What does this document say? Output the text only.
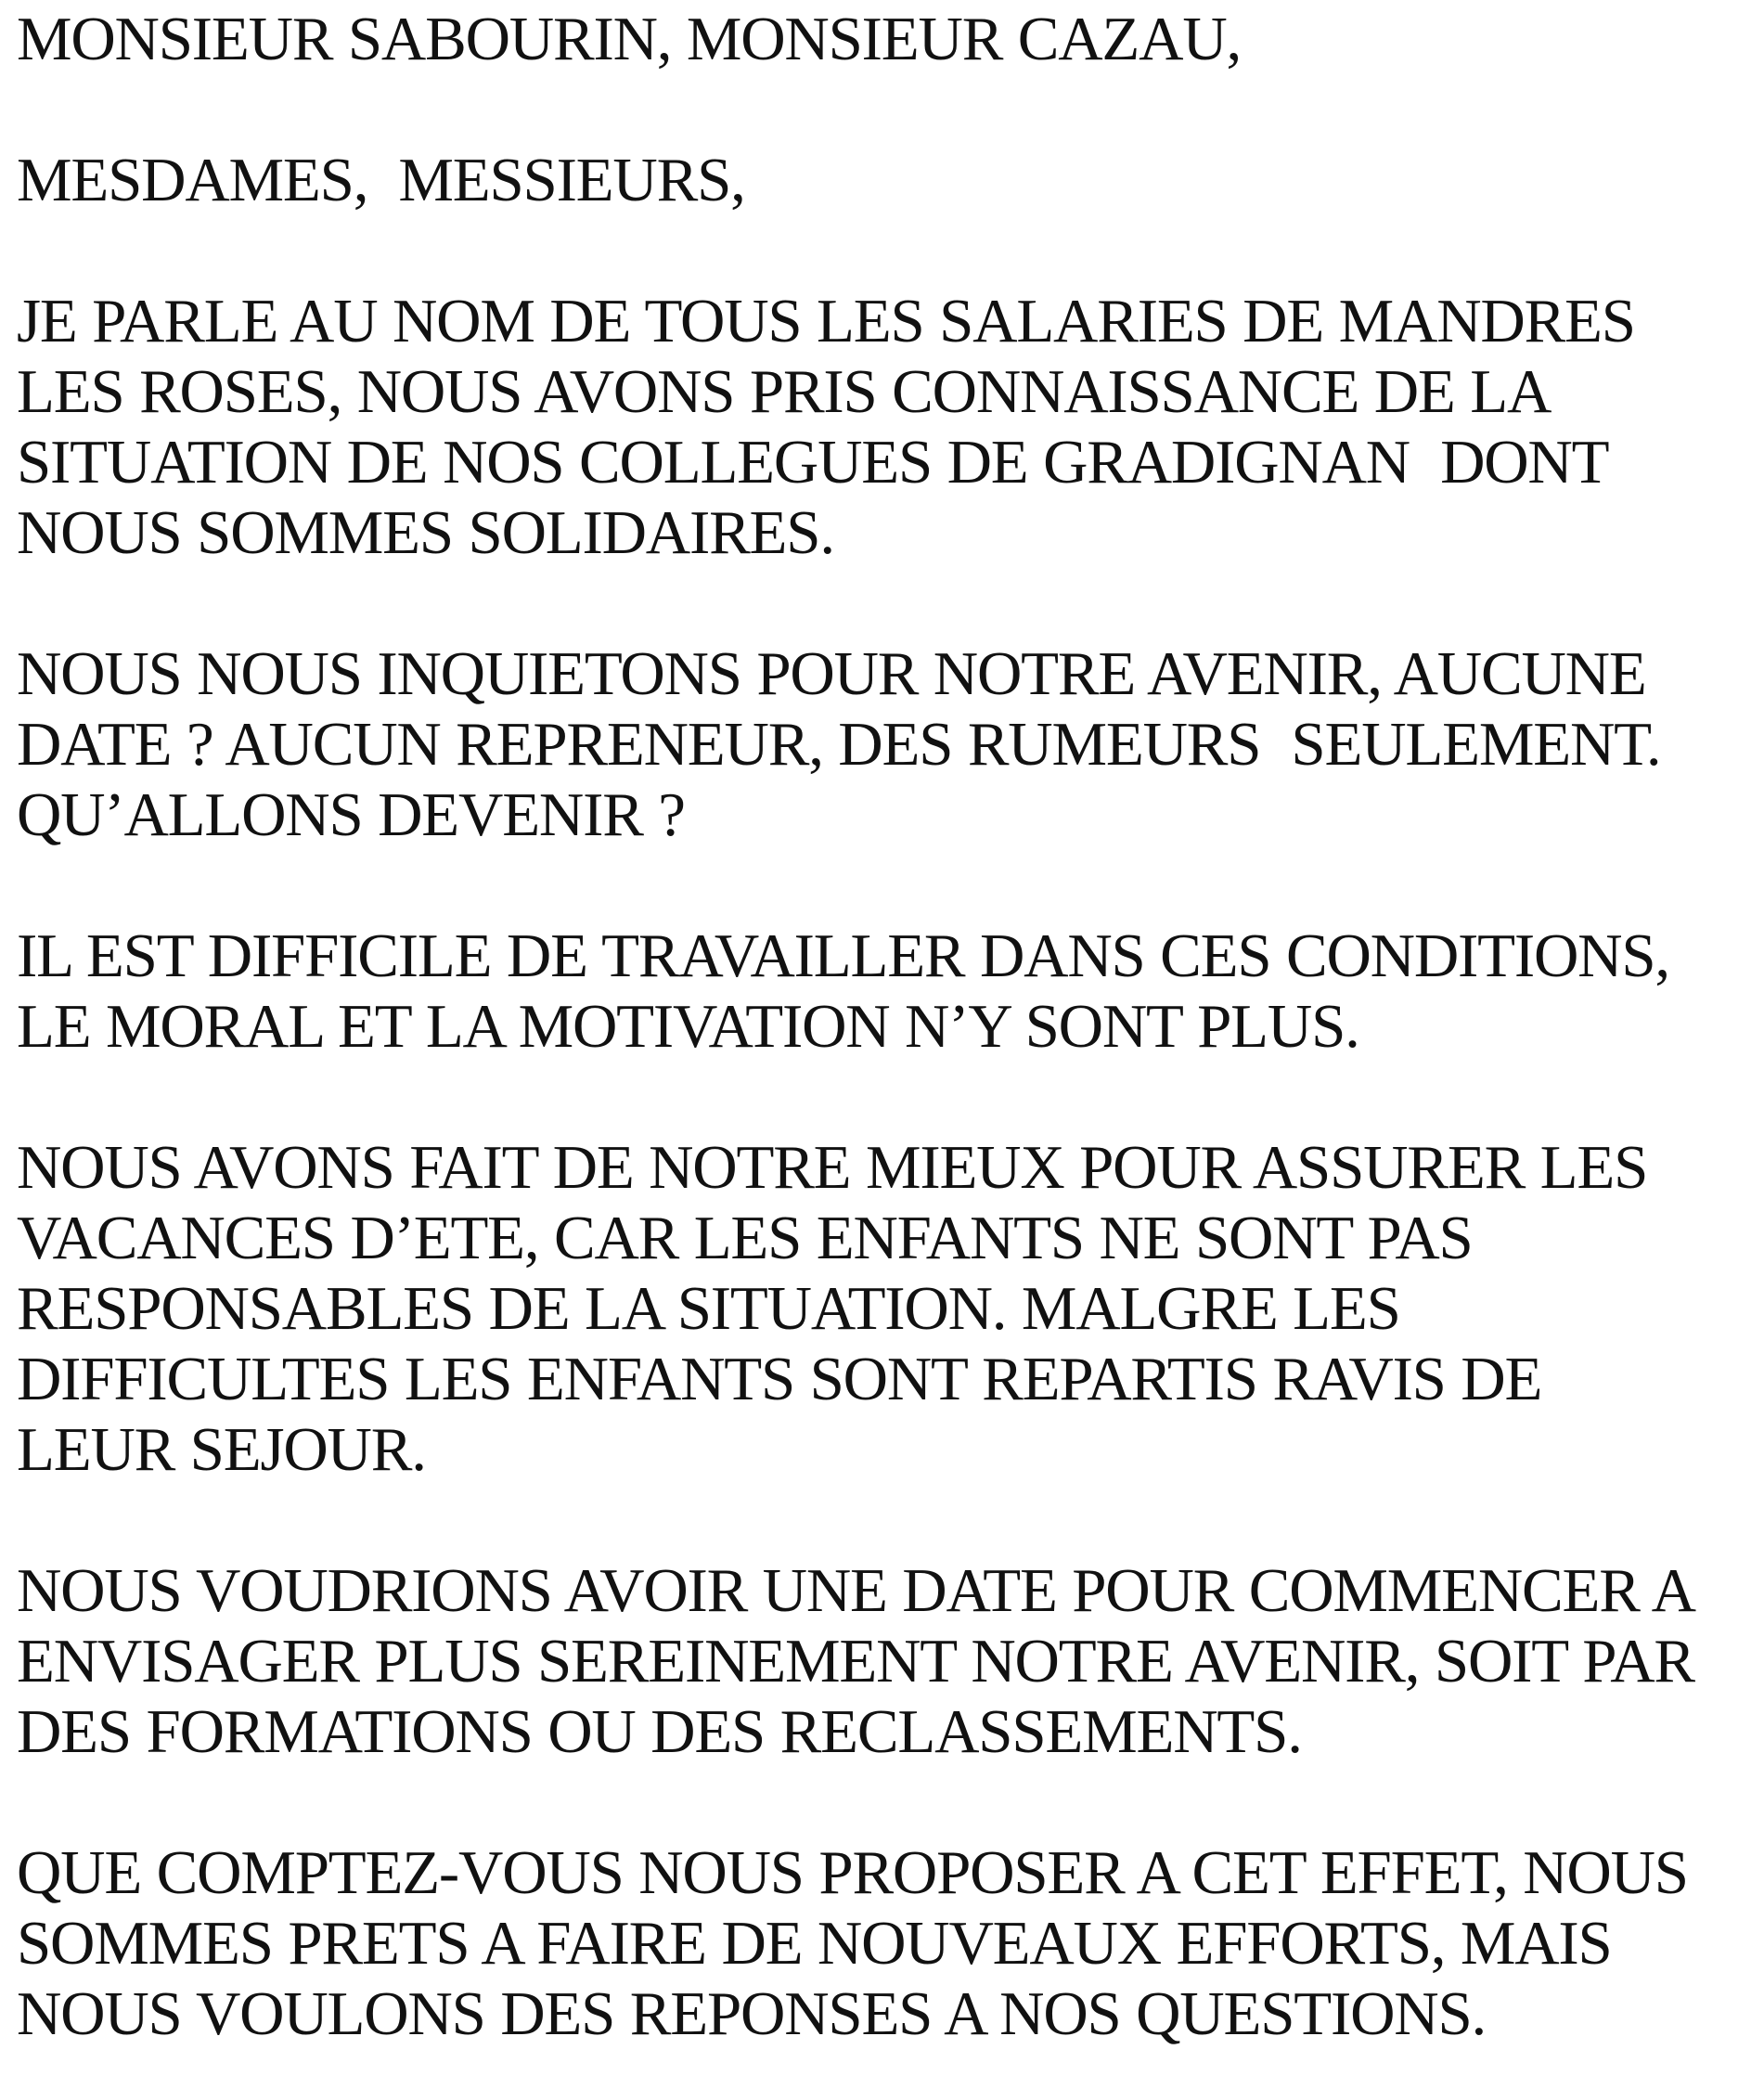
MONSIEUR SABOURIN, MONSIEUR CAZAU,
MESDAMES,  MESSIEURS,
JE PARLE AU NOM DE TOUS LES SALARIES DE MANDRES
LES ROSES, NOUS AVONS PRIS CONNAISSANCE DE LA
SITUATION DE NOS COLLEGUES DE GRADIGNAN  DONT
NOUS SOMMES SOLIDAIRES.
NOUS NOUS INQUIETONS POUR NOTRE AVENIR, AUCUNE
DATE ? AUCUN REPRENEUR, DES RUMEURS  SEULEMENT.
QU’ALLONS DEVENIR ?
IL EST DIFFICILE DE TRAVAILLER DANS CES CONDITIONS,
LE MORAL ET LA MOTIVATION N’Y SONT PLUS.
NOUS AVONS FAIT DE NOTRE MIEUX POUR ASSURER LES
VACANCES D’ETE, CAR LES ENFANTS NE SONT PAS
RESPONSABLES DE LA SITUATION. MALGRE LES
DIFFICULTES LES ENFANTS SONT REPARTIS RAVIS DE
LEUR SEJOUR.
NOUS VOUDRIONS AVOIR UNE DATE POUR COMMENCER A
ENVISAGER PLUS SEREINEMENT NOTRE AVENIR, SOIT PAR
DES FORMATIONS OU DES RECLASSEMENTS.
QUE COMPTEZ-VOUS NOUS PROPOSER A CET EFFET, NOUS
SOMMES PRETS A FAIRE DE NOUVEAUX EFFORTS, MAIS
NOUS VOULONS DES REPONSES A NOS QUESTIONS.
